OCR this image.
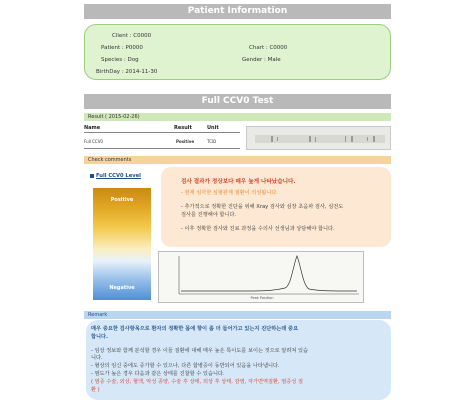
Patient Information
Client : C0000
Patient : P0000	Chart : C0000
Species : Dog	Gender : Male
BirthDay : 2014-11-30
Full CCV0 Test
Result ( 2015-02-26)
Name	Result	Unit
Full CCV0	Positive	TCID
Check comments
Full CCV0 Level
Positive
Negative
검사 결과가 정상보다 매우 높게 나타났습니다.
- 현재 심각한 심혈관계 질환이 의심됩니다.
- 추가적으로 정확한 진단을 위해 Xray 검사와 심장 초음파 검사, 심전도
검사를 진행해야 합니다.
- 이후 정확한 검사와 진료 과정을 수의사 선생님과 상담해야 합니다.
Peak Position
Remark
매우 중요한 검사항목으로 환자의 정확한 몸에 향이 좀 더 들어가고 있는지 진단하는데 중요
합니다.
- 임상 정보와 함께 분석할 경우 이들 질환에 대해 매우 높은 특이도를 보이는 것으로 알려져 있습
니다.
- 혈상의 임신 중에도 증가할 수 있으나, 다른 합병증이 동반되어 있음을 나타냅니다.
- 염도가 높은 경우 다음과 같은 상태를 진찰할 수 있습니다.
( 염증 수술, 외상, 혈액, 악성 종양, 수술 후 상태, 외상 후 상태, 감염, 자가면역질환, 염증성 질
환 )
